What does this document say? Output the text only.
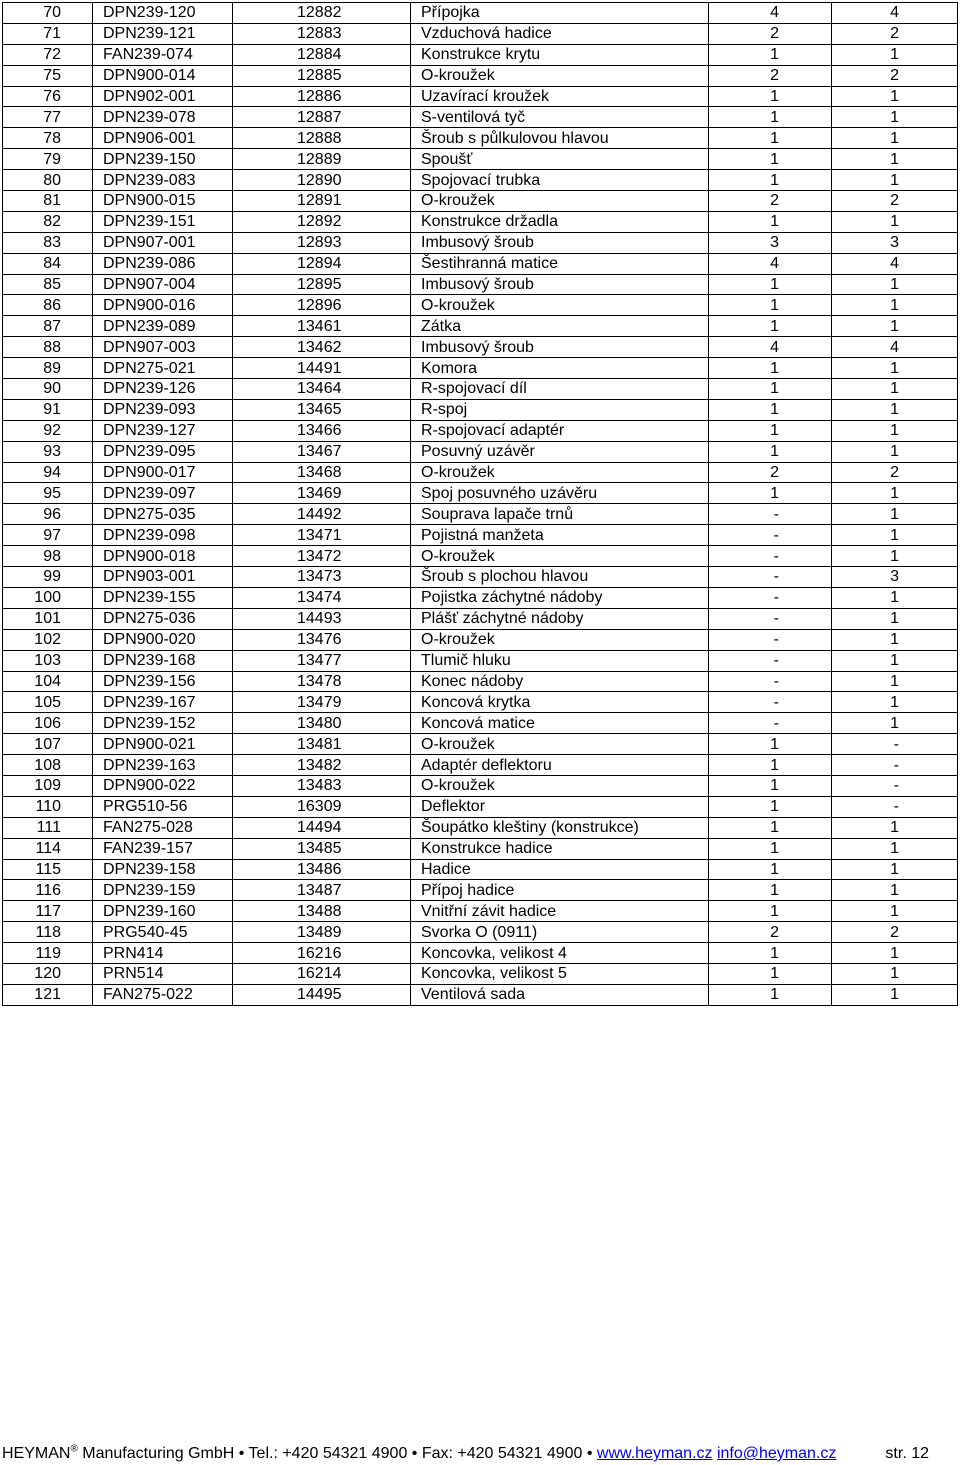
70	DPN239-120	12882	Přípojka	4	4
71	DPN239-121	12883	Vzduchová hadice	2	2
72	FAN239-074	12884	Konstrukce krytu	1	1
75	DPN900-014	12885	O-kroužek	2	2
76	DPN902-001	12886	Uzavírací kroužek	1	1
77	DPN239-078	12887	S-ventilová tyč	1	1
78	DPN906-001	12888	Šroub s půlkulovou hlavou	1	1
79	DPN239-150	12889	Spoušť	1	1
80	DPN239-083	12890	Spojovací trubka	1	1
81	DPN900-015	12891	O-kroužek	2	2
82	DPN239-151	12892	Konstrukce držadla	1	1
83	DPN907-001	12893	Imbusový šroub	3	3
84	DPN239-086	12894	Šestihranná matice	4	4
85	DPN907-004	12895	Imbusový šroub	1	1
86	DPN900-016	12896	O-kroužek	1	1
87	DPN239-089	13461	Zátka	1	1
88	DPN907-003	13462	Imbusový šroub	4	4
89	DPN275-021	14491	Komora	1	1
90	DPN239-126	13464	R-spojovací díl	1	1
91	DPN239-093	13465	R-spoj	1	1
92	DPN239-127	13466	R-spojovací adaptér	1	1
93	DPN239-095	13467	Posuvný uzávěr	1	1
94	DPN900-017	13468	O-kroužek	2	2
95	DPN239-097	13469	Spoj posuvného uzávěru	1	1
96	DPN275-035	14492	Souprava lapače trnů	-	1
97	DPN239-098	13471	Pojistná manžeta	-	1
98	DPN900-018	13472	O-kroužek	-	1
99	DPN903-001	13473	Šroub s plochou hlavou	-	3
100	DPN239-155	13474	Pojistka záchytné nádoby	-	1
101	DPN275-036	14493	Plášť záchytné nádoby	-	1
102	DPN900-020	13476	O-kroužek	-	1
103	DPN239-168	13477	Tlumič hluku	-	1
104	DPN239-156	13478	Konec nádoby	-	1
105	DPN239-167	13479	Koncová krytka	-	1
106	DPN239-152	13480	Koncová matice	-	1
107	DPN900-021	13481	O-kroužek	1	-
108	DPN239-163	13482	Adaptér deflektoru	1	-
109	DPN900-022	13483	O-kroužek	1	-
110	PRG510-56	16309	Deflektor	1	-
111	FAN275-028	14494	Šoupátko kleštiny (konstrukce)	1	1
114	FAN239-157	13485	Konstrukce hadice	1	1
115	DPN239-158	13486	Hadice	1	1
116	DPN239-159	13487	Přípoj hadice	1	1
117	DPN239-160	13488	Vnitřní závit hadice	1	1
118	PRG540-45	13489	Svorka O (0911)	2	2
119	PRN414	16216	Koncovka, velikost 4	1	1
120	PRN514	16214	Koncovka, velikost 5	1	1
121	FAN275-022	14495	Ventilová sada	1	1
HEYMAN® Manufacturing GmbH • Tel.: +420 54321 4900 • Fax: +420 54321 4900 • www.heyman.cz info@heyman.cz	str. 12
